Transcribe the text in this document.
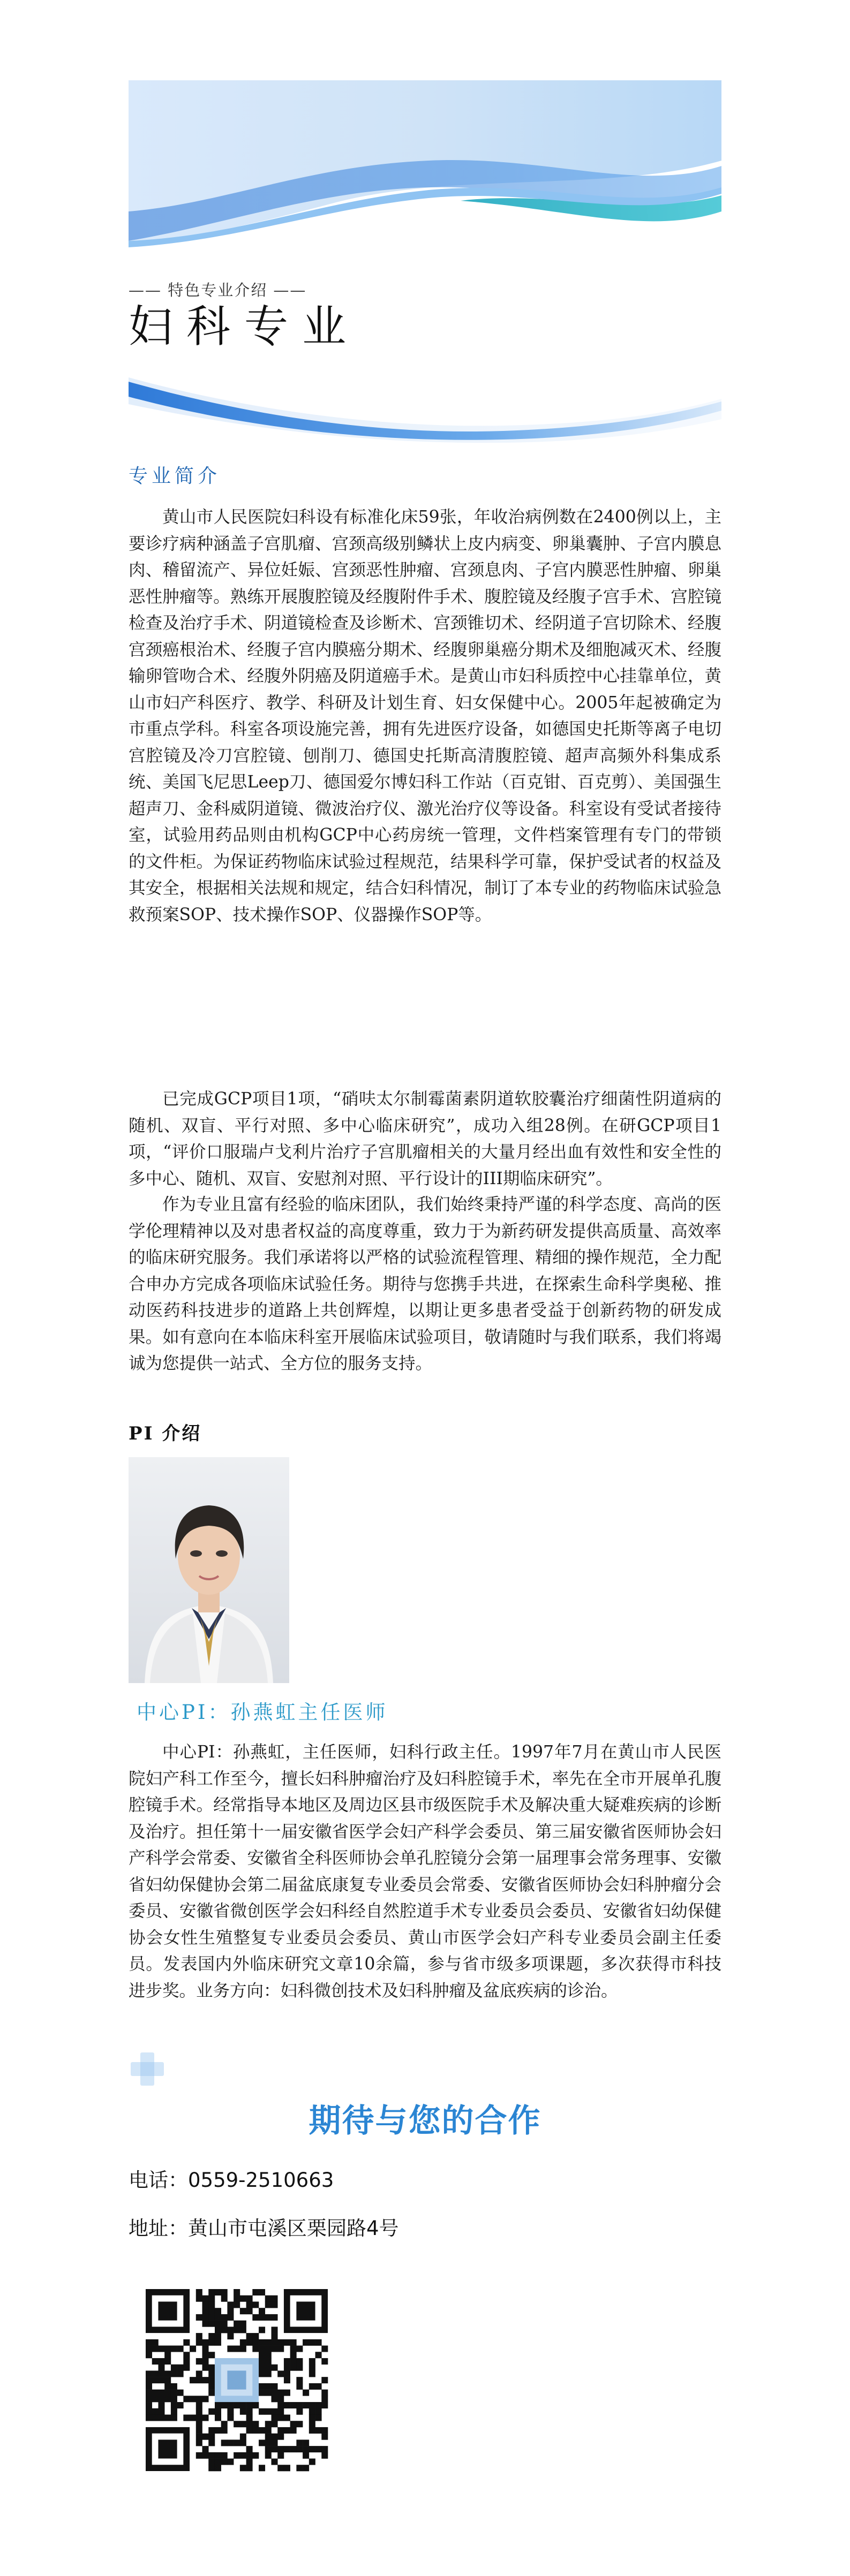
—— 特色专业介绍 ——
妇科专业
专业简介

黄山市人民医院妇科设有标准化床59张，年收治病例数在2400例以上，主要诊疗病种涵盖子宫肌瘤、宫颈高级别鳞状上皮内病变、卵巢囊肿、子宫内膜息肉、稽留流产、异位妊娠、宫颈恶性肿瘤、宫颈息肉、子宫内膜恶性肿瘤、卵巢恶性肿瘤等。熟练开展腹腔镜及经腹附件手术、腹腔镜及经腹子宫手术、宫腔镜检查及治疗手术、阴道镜检查及诊断术、宫颈锥切术、经阴道子宫切除术、经腹宫颈癌根治术、经腹子宫内膜癌分期术、经腹卵巢癌分期术及细胞减灭术、经腹输卵管吻合术、经腹外阴癌及阴道癌手术。是黄山市妇科质控中心挂靠单位，黄山市妇产科医疗、教学、科研及计划生育、妇女保健中心。2005年起被确定为市重点学科。科室各项设施完善，拥有先进医疗设备，如德国史托斯等离子电切宫腔镜及冷刀宫腔镜、刨削刀、德国史托斯高清腹腔镜、超声高频外科集成系统、美国飞尼思Leep刀、德国爱尔博妇科工作站（百克钳、百克剪）、美国强生超声刀、金科威阴道镜、微波治疗仪、激光治疗仪等设备。科室设有受试者接待室，试验用药品则由机构GCP中心药房统一管理，文件档案管理有专门的带锁的文件柜。为保证药物临床试验过程规范，结果科学可靠，保护受试者的权益及其安全，根据相关法规和规定，结合妇科情况，制订了本专业的药物临床试验急救预案SOP、技术操作SOP、仪器操作SOP等。

已完成GCP项目1项，“硝呋太尔制霉菌素阴道软胶囊治疗细菌性阴道病的随机、双盲、平行对照、多中心临床研究”，成功入组28例。在研GCP项目1项，“评价口服瑞卢戈利片治疗子宫肌瘤相关的大量月经出血有效性和安全性的多中心、随机、双盲、安慰剂对照、平行设计的III期临床研究”。

作为专业且富有经验的临床团队，我们始终秉持严谨的科学态度、高尚的医学伦理精神以及对患者权益的高度尊重，致力于为新药研发提供高质量、高效率的临床研究服务。我们承诺将以严格的试验流程管理、精细的操作规范，全力配合申办方完成各项临床试验任务。期待与您携手共进，在探索生命科学奥秘、推动医药科技进步的道路上共创辉煌，以期让更多患者受益于创新药物的研发成果。如有意向在本临床科室开展临床试验项目，敬请随时与我们联系，我们将竭诚为您提供一站式、全方位的服务支持。

PI 介绍
中心PI：孙燕虹主任医师

中心PI：孙燕虹，主任医师，妇科行政主任。1997年7月在黄山市人民医院妇产科工作至今，擅长妇科肿瘤治疗及妇科腔镜手术，率先在全市开展单孔腹腔镜手术。经常指导本地区及周边区县市级医院手术及解决重大疑难疾病的诊断及治疗。担任第十一届安徽省医学会妇产科学会委员、第三届安徽省医师协会妇产科学会常委、安徽省全科医师协会单孔腔镜分会第一届理事会常务理事、安徽省妇幼保健协会第二届盆底康复专业委员会常委、安徽省医师协会妇科肿瘤分会委员、安徽省微创医学会妇科经自然腔道手术专业委员会委员、安徽省妇幼保健协会女性生殖整复专业委员会委员、黄山市医学会妇产科专业委员会副主任委员。发表国内外临床研究文章10余篇，参与省市级多项课题，多次获得市科技进步奖。业务方向：妇科微创技术及妇科肿瘤及盆底疾病的诊治。

期待与您的合作
电话：0559-2510663
地址：黄山市屯溪区栗园路4号
